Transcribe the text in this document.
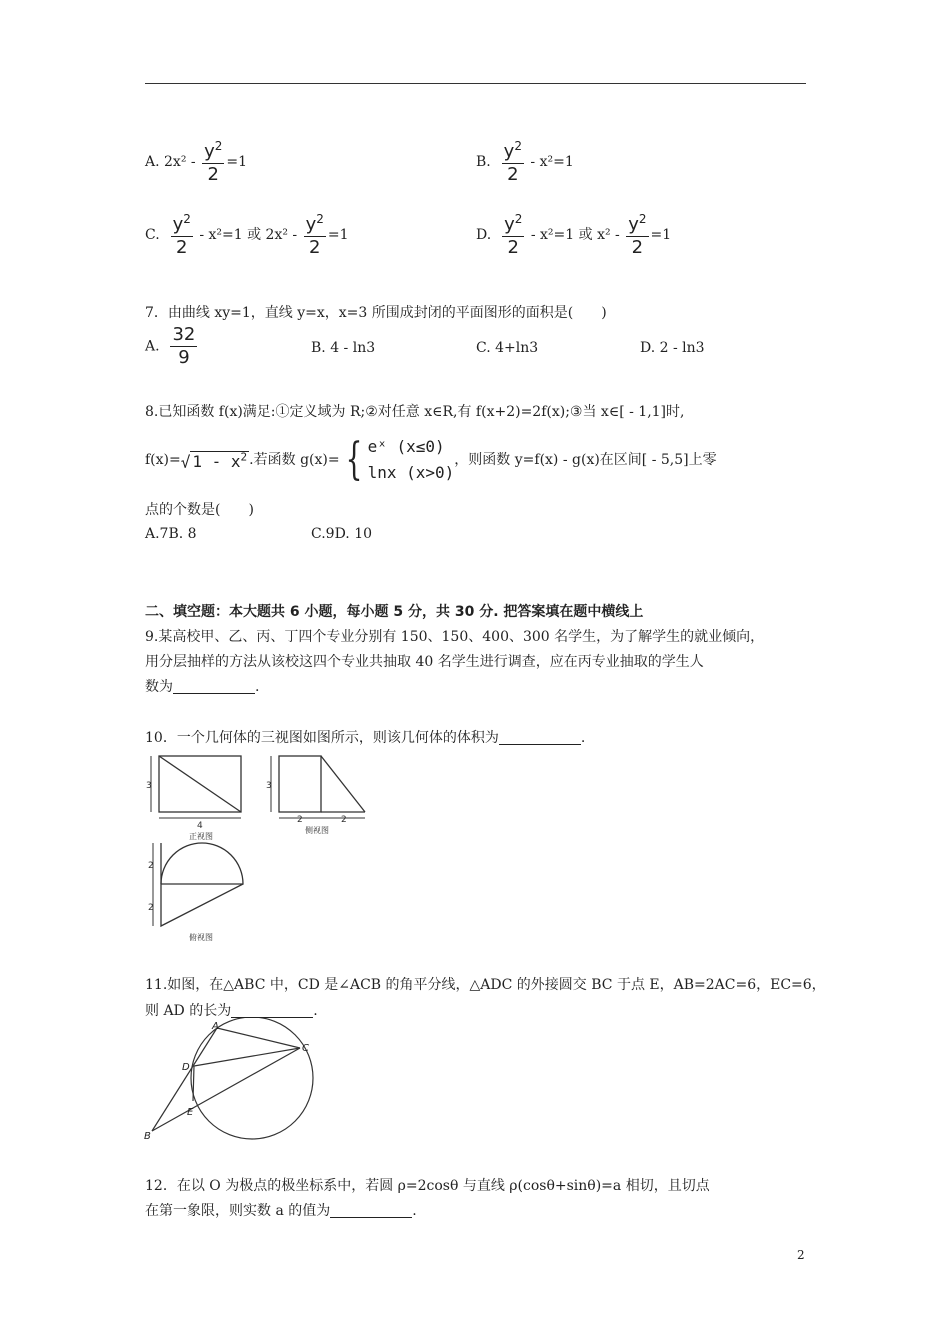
A. $2x^2 - \frac{y^2}{2} =1$	B. $\frac{y^2}{2} - x^2=1$
C. $\frac{y^2}{2} - x^2=1$ 或 $2x^2 - \frac{y^2}{2} =1$	D. $\frac{y^2}{2} - x^2=1$ 或 $x^2 - \frac{y^2}{2} =1$
7．由曲线 xy=1，直线 y=x，x=3 所围成封闭的平面图形的面积是(　　)
A. $\frac{32}{9}$	B. 4 - ln3	C. 4+ln3	D. 2 - ln3
8.已知函数 f(x)满足:①定义域为 R;②对任意 x∈R,有 f(x+2)=2f(x);③当 x∈[ - 1,1]时,
f(x)=√ $1 - x^2$ .若函数 g(x)= { eˣ (x≤0)
lnx (x>0)
，则函数 y=f(x) - g(x)在区间[ - 5,5]上零
点的个数是(　　)
A.7B. 8	C.9D. 10
二、填空题：本大题共 6 小题，每小题 5 分，共 30 分. 把答案填在题中横线上
9.某高校甲、乙、丙、丁四个专业分别有 150、150、400、300 名学生，为了解学生的就业倾向，
用分层抽样的方法从该校这四个专业共抽取 40 名学生进行调查，应在丙专业抽取的学生人
数为	.
10．一个几何体的三视图如图所示，则该几何体的体积为	.
3
4
正视图
3
2	2
侧视图
2
2
俯视图
11.如图，在△ABC 中，CD 是∠ACB 的角平分线，△ADC 的外接圆交 BC 于点 E，AB=2AC=6，EC=6，
则 AD 的长为	.
A
C
D
E
B
12．在以 O 为极点的极坐标系中，若圆 ρ=2cosθ 与直线 ρ(cosθ+sinθ)=a 相切，且切点
在第一象限，则实数 a 的值为	.
2
